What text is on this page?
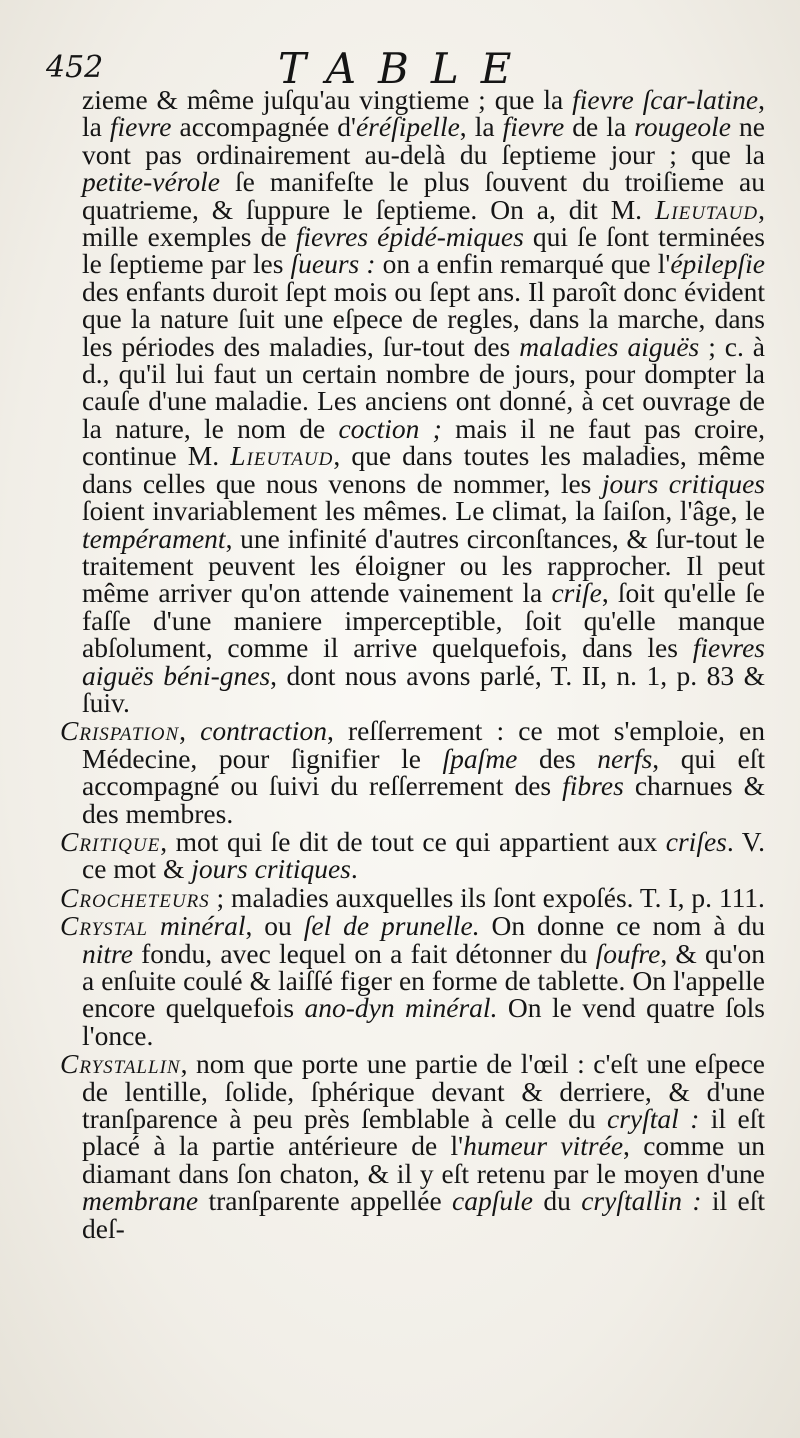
452	TABLE

zieme & même juſqu'au vingtieme ; que la fievre ſcar-latine, la fievre accompagnée d'éréſipelle, la fievre de la rougeole ne vont pas ordinairement au-delà du ſeptieme jour ; que la petite-vérole ſe manifeſte le plus ſouvent du troiſieme au quatrieme, & ſuppure le ſeptieme. On a, dit M. Lieutaud, mille exemples de fievres épidé-miques qui ſe ſont terminées le ſeptieme par les ſueurs : on a enfin remarqué que l'épilepſie des enfants duroit ſept mois ou ſept ans. Il paroît donc évident que la nature ſuit une eſpece de regles, dans la marche, dans les périodes des maladies, ſur-tout des maladies aiguës ; c. à d., qu'il lui faut un certain nombre de jours, pour dompter la cauſe d'une maladie. Les anciens ont donné, à cet ouvrage de la nature, le nom de coction ; mais il ne faut pas croire, continue M. Lieutaud, que dans toutes les maladies, même dans celles que nous venons de nommer, les jours critiques ſoient invariablement les mêmes. Le climat, la ſaiſon, l'âge, le tempérament, une infinité d'autres circonſtances, & ſur-tout le traitement peuvent les éloigner ou les rapprocher. Il peut même arriver qu'on attende vainement la criſe, ſoit qu'elle ſe faſſe d'une maniere imperceptible, ſoit qu'elle manque abſolument, comme il arrive quelquefois, dans les fievres aiguës béni-gnes, dont nous avons parlé, T. II, n. 1, p. 83 & ſuiv.

Crispation, contraction, reſſerrement : ce mot s'emploie, en Médecine, pour ſignifier le ſpaſme des nerfs, qui eſt accompagné ou ſuivi du reſſerrement des fibres charnues & des membres.

Critique, mot qui ſe dit de tout ce qui appartient aux criſes. V. ce mot & jours critiques.

Crocheteurs ; maladies auxquelles ils ſont expoſés. T. I, p. 111.

Crystal minéral, ou ſel de prunelle. On donne ce nom à du nitre fondu, avec lequel on a fait détonner du ſoufre, & qu'on a enſuite coulé & laiſſé figer en forme de tablette. On l'appelle encore quelquefois ano-dyn minéral. On le vend quatre ſols l'once.

Crystallin, nom que porte une partie de l'œil : c'eſt une eſpece de lentille, ſolide, ſphérique devant & derriere, & d'une tranſparence à peu près ſemblable à celle du cryſtal : il eſt placé à la partie antérieure de l'humeur vitrée, comme un diamant dans ſon chaton, & il y eſt retenu par le moyen d'une membrane tranſparente appellée capſule du cryſtallin : il eſt deſ-
